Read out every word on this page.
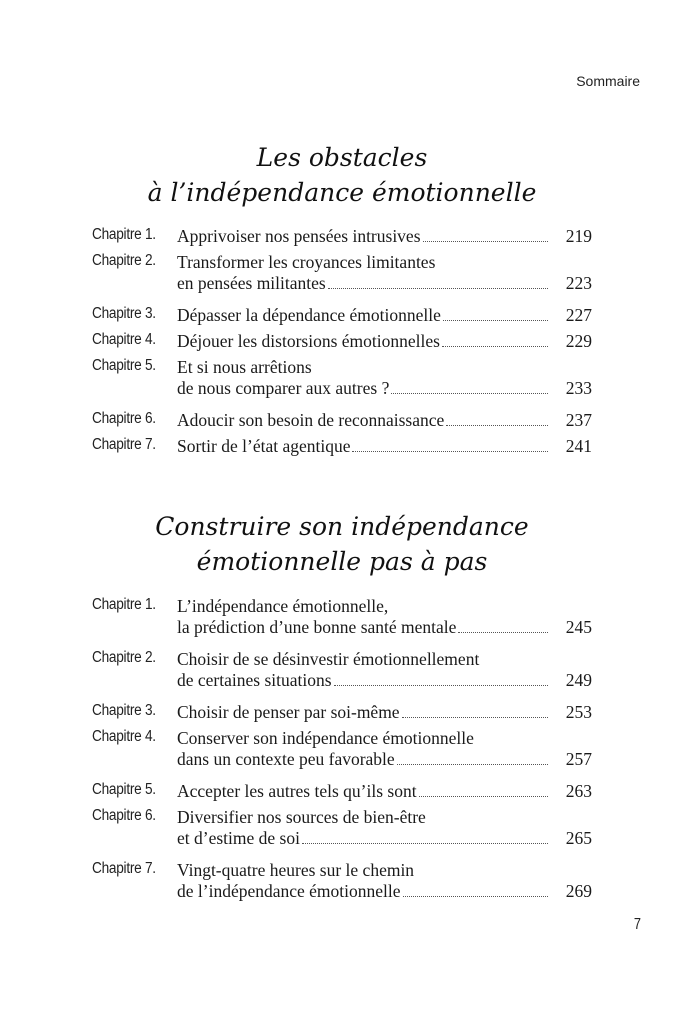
Sommaire
Les obstacles
à l’indépendance émotionnelle
Chapitre 1. Apprivoiser nos pensées intrusives	219
Chapitre 2. Transformer les croyances limitantes
en pensées militantes	223
Chapitre 3. Dépasser la dépendance émotionnelle	227
Chapitre 4. Déjouer les distorsions émotionnelles	229
Chapitre 5. Et si nous arrêtions
de nous comparer aux autres ?	233
Chapitre 6. Adoucir son besoin de reconnaissance	237
Chapitre 7. Sortir de l’état agentique	241
Construire son indépendance
émotionnelle pas à pas
Chapitre 1. L’indépendance émotionnelle,
la prédiction d’une bonne santé mentale	245
Chapitre 2. Choisir de se désinvestir émotionnellement
de certaines situations	249
Chapitre 3. Choisir de penser par soi-même	253
Chapitre 4. Conserver son indépendance émotionnelle
dans un contexte peu favorable	257
Chapitre 5. Accepter les autres tels qu’ils sont	263
Chapitre 6. Diversifier nos sources de bien-être
et d’estime de soi	265
Chapitre 7. Vingt-quatre heures sur le chemin
de l’indépendance émotionnelle	269
7
